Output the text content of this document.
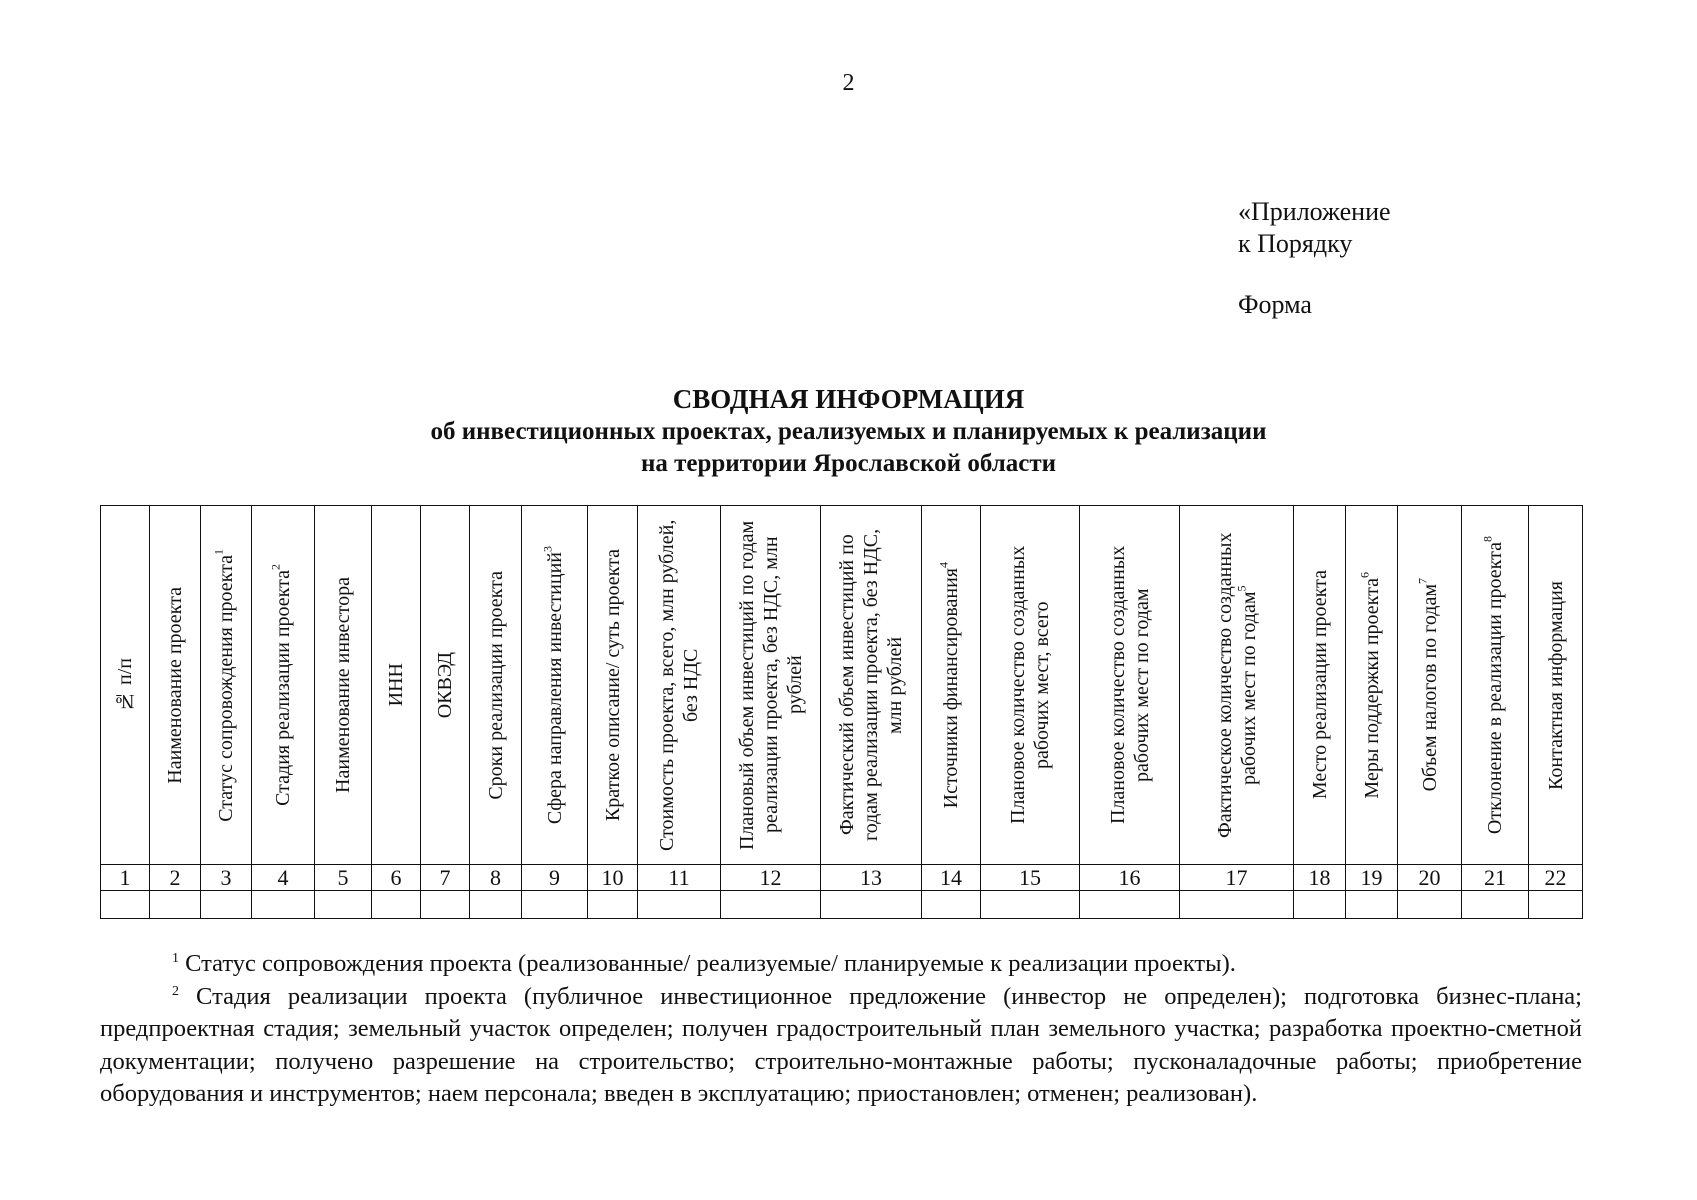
2
«Приложение
к Порядку
Форма
СВОДНАЯ ИНФОРМАЦИЯ
об инвестиционных проектах, реализуемых и планируемых к реализации
на территории Ярославской области
№ п/п	Наименование проекта	Статус сопровождения проекта$^1$	Стадия реализации проекта$^2$	Наименование инвестора	ИНН	ОКВЭД	Сроки реализации проекта	Сфера направления инвестиций$^3$	Краткое описание/ суть проекта	Стоимость проекта, всего, млн рублей, без НДС	Плановый объем инвестиций по годам реализации проекта, без НДС, млн рублей	Фактический объем инвестиций по годам реализации проекта, без НДС, млн рублей	Источники финансирования$^4$	Плановое количество созданных рабочих мест, всего	Плановое количество созданных рабочих мест по годам	Фактическое количество созданных рабочих мест по годам$^5$	Место реализации проекта	Меры поддержки проекта$^6$	Объем налогов по годам$^7$	Отклонение в реализации проекта$^8$	Контактная информация

1	2	3	4	5	6	7	8	9	10	11	12	13	14	15	16	17	18	19	20	21	22

$^1$ Статус сопровождения проекта (реализованные/ реализуемые/ планируемые к реализации проекты).

$^2$ Стадия реализации проекта (публичное инвестиционное предложение (инвестор не определен); подготовка бизнес-плана; предпроектная стадия; земельный участок определен; получен градостроительный план земельного участка; разработка проектно-сметной документации; получено разрешение на строительство; строительно-монтажные работы; пусконаладочные работы; приобретение оборудования и инструментов; наем персонала; введен в эксплуатацию; приостановлен; отменен; реализован).
